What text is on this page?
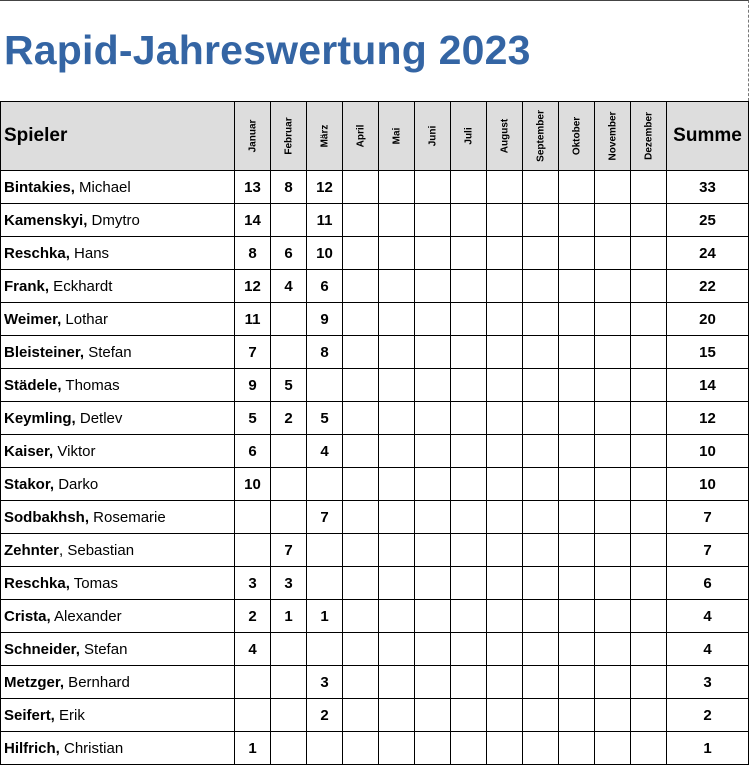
Rapid-Jahreswertung 2023
Spieler	Januar	Februar	März	April	Mai	Juni	Juli	August	September	Oktober	November	Dezember	Summe
Bintakies, Michael	13	8	12										33
Kamenskyi, Dmytro	14		11										25
Reschka, Hans	8	6	10										24
Frank, Eckhardt	12	4	6										22
Weimer, Lothar	11		9										20
Bleisteiner, Stefan	7		8										15
Städele, Thomas	9	5											14
Keymling, Detlev	5	2	5										12
Kaiser, Viktor	6		4										10
Stakor, Darko	10												10
Sodbakhsh, Rosemarie			7										7
Zehnter, Sebastian		7											7
Reschka, Tomas	3	3											6
Crista, Alexander	2	1	1										4
Schneider, Stefan	4												4
Metzger, Bernhard			3										3
Seifert, Erik			2										2
Hilfrich, Christian	1												1
